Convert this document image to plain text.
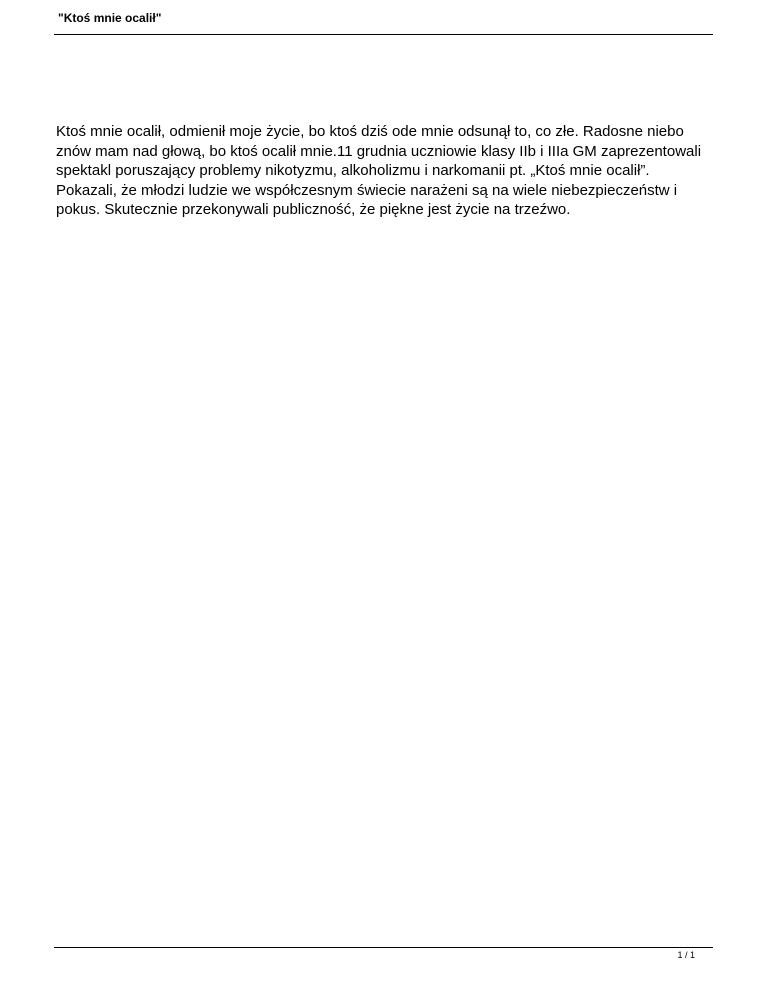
"Ktoś mnie ocalił"

Ktoś mnie ocalił, odmienił moje życie, bo ktoś dziś ode mnie odsunął to, co złe. Radosne niebo znów mam nad głową, bo ktoś ocalił mnie.11 grudnia uczniowie klasy IIb i IIIa GM zaprezentowali spektakl poruszający problemy nikotyzmu, alkoholizmu i narkomanii pt. „Ktoś mnie ocalił”. Pokazali, że młodzi ludzie we współczesnym świecie narażeni są na wiele niebezpieczeństw i pokus. Skutecznie przekonywali publiczność, że piękne jest życie na trzeźwo.

1 / 1
